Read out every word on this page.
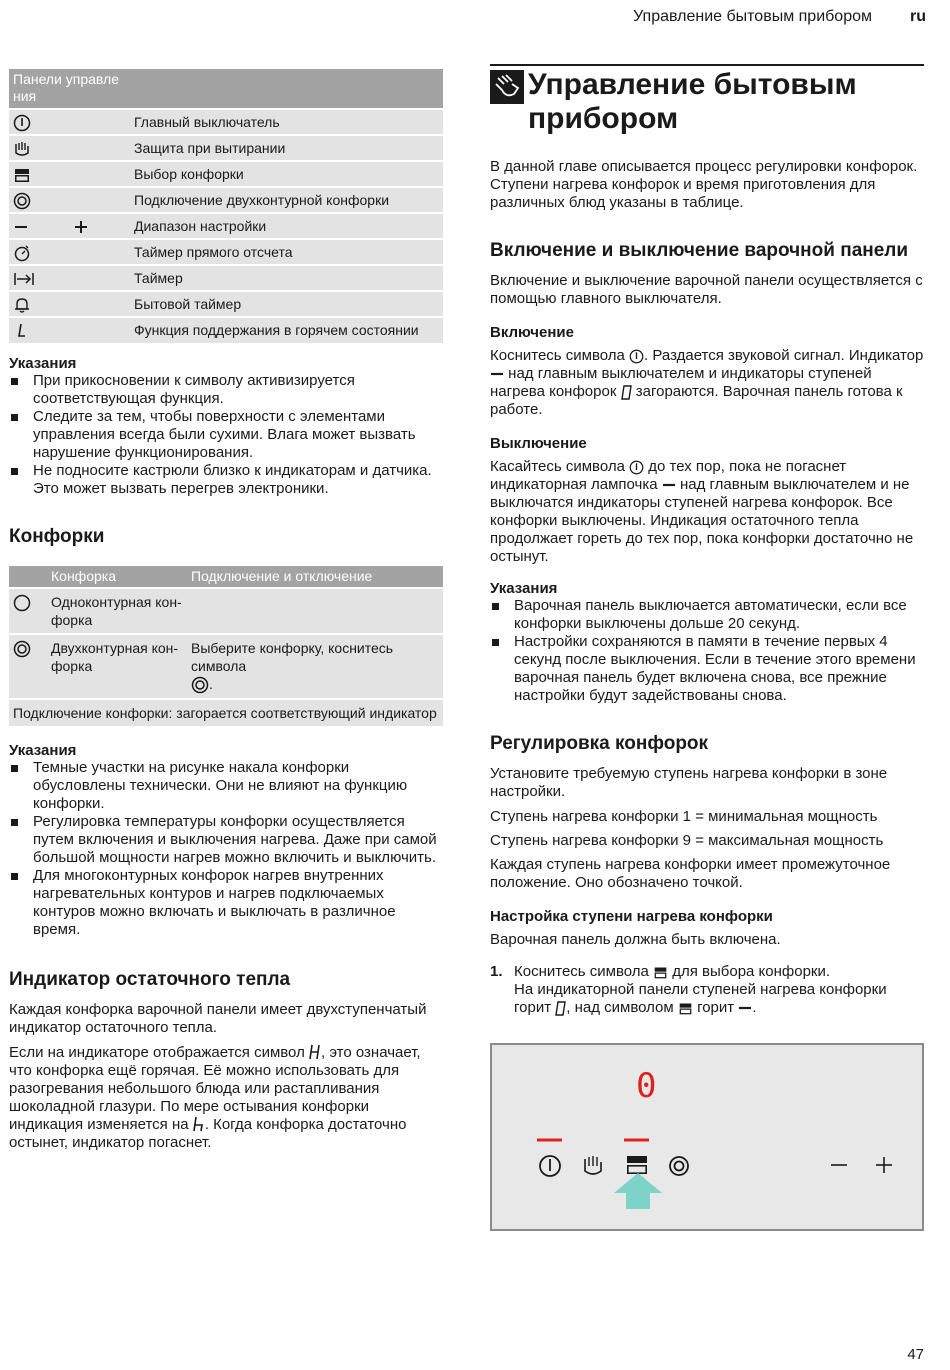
Управление бытовым прибором ru
Панели управле ния	

	Главный выключатель

	Защита при вытирании

	Выбор конфорки

	Подключение двухконтурной конфорки

	Диапазон настройки

	Таймер прямого отсчета

	Таймер

	Бытовой таймер

	Функция поддержания в горячем состоянии
Указания
При прикосновении к символу активизируется соответствующая функция.
Следите за тем, чтобы поверхности с элементами управления всегда были сухими. Влага может вызвать нарушение функционирования.
Не подносите кастрюли близко к индикаторам и датчика. Это может вызвать перегрев электроники.
Конфорки
	Конфорка	Подключение и отключение

	Одноконтурная кон- форка	

	Двухконтурная кон- форка	Выберите конфорку, коснитесь символа

.
Подключение конфорки: загорается соответствующий индикатор		
Указания
Темные участки на рисунке накала конфорки обусловлены технически. Они не влияют на функцию конфорки.
Регулировка температуры конфорки осуществляется путем включения и выключения нагрева. Даже при самой большой мощности нагрев можно включить и выключить.
Для многоконтурных конфорок нагрев внутренних нагревательных контуров и нагрев подключаемых контуров можно включать и выключать в различное время.
Индикатор остаточного тепла

Каждая конфорка варочной панели имеет двухступенчатый индикатор остаточного тепла.

Если на индикаторе отображается символ , это означает, что конфорка ещё горячая. Её можно использовать для разогревания небольшого блюда или растапливания шоколадной глазури. По мере остывания конфорки индикация изменяется на . Когда конфорка достаточно остынет, индикатор погаснет.

Управление бытовым
прибором

В данной главе описывается процесс регулировки конфорок. Ступени нагрева конфорок и время приготовления для различных блюд указаны в таблице.

Включение и выключение варочной панели

Включение и выключение варочной панели осуществляется с помощью главного выключателя.

Включение

Коснитесь символа . Раздается звуковой сигнал. Индикатор
над главным выключателем и индикаторы ступеней нагрева конфорок загораются. Варочная панель готова к работе.

Выключение

Касайтесь символа до тех пор, пока не погаснет индикаторная лампочка над главным выключателем и не выключатся индикаторы ступеней нагрева конфорок. Все конфорки выключены. Индикация остаточного тепла продолжает гореть до тех пор, пока конфорки достаточно не остынут.

Указания
Варочная панель выключается автоматически, если все конфорки выключены дольше 20 секунд.
Настройки сохраняются в памяти в течение первых 4 секунд после выключения. Если в течение этого времени варочная панель будет включена снова, все прежние настройки будут задействованы снова.
Регулировка конфорок

Установите требуемую ступень нагрева конфорки в зоне настройки.

Ступень нагрева конфорки 1 = минимальная мощность

Ступень нагрева конфорки 9 = максимальная мощность

Каждая ступень нагрева конфорки имеет промежуточное положение. Оно обозначено точкой.

Настройка ступени нагрева конфорки

Варочная панель должна быть включена.

1. Коснитесь символа для выбора конфорки.
На индикаторной панели ступеней нагрева конфорки горит , над символом горит .
0
47
